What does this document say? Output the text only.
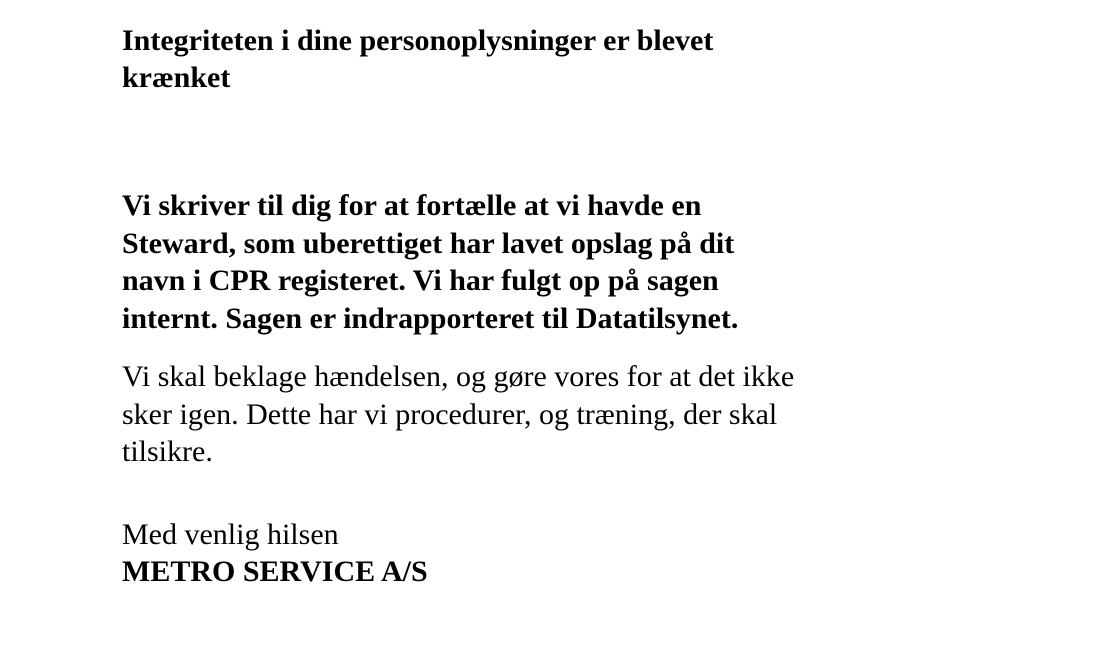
Integriteten i dine personoplysninger er blevet krænket

Vi skriver til dig for at fortælle at vi havde en Steward, som uberettiget har lavet opslag på dit navn i CPR registeret. Vi har fulgt op på sagen internt. Sagen er indrapporteret til Datatilsynet.

Vi skal beklage hændelsen, og gøre vores for at det ikke sker igen. Dette har vi procedurer, og træning, der skal tilsikre.

Med venlig hilsen

METRO SERVICE A/S
